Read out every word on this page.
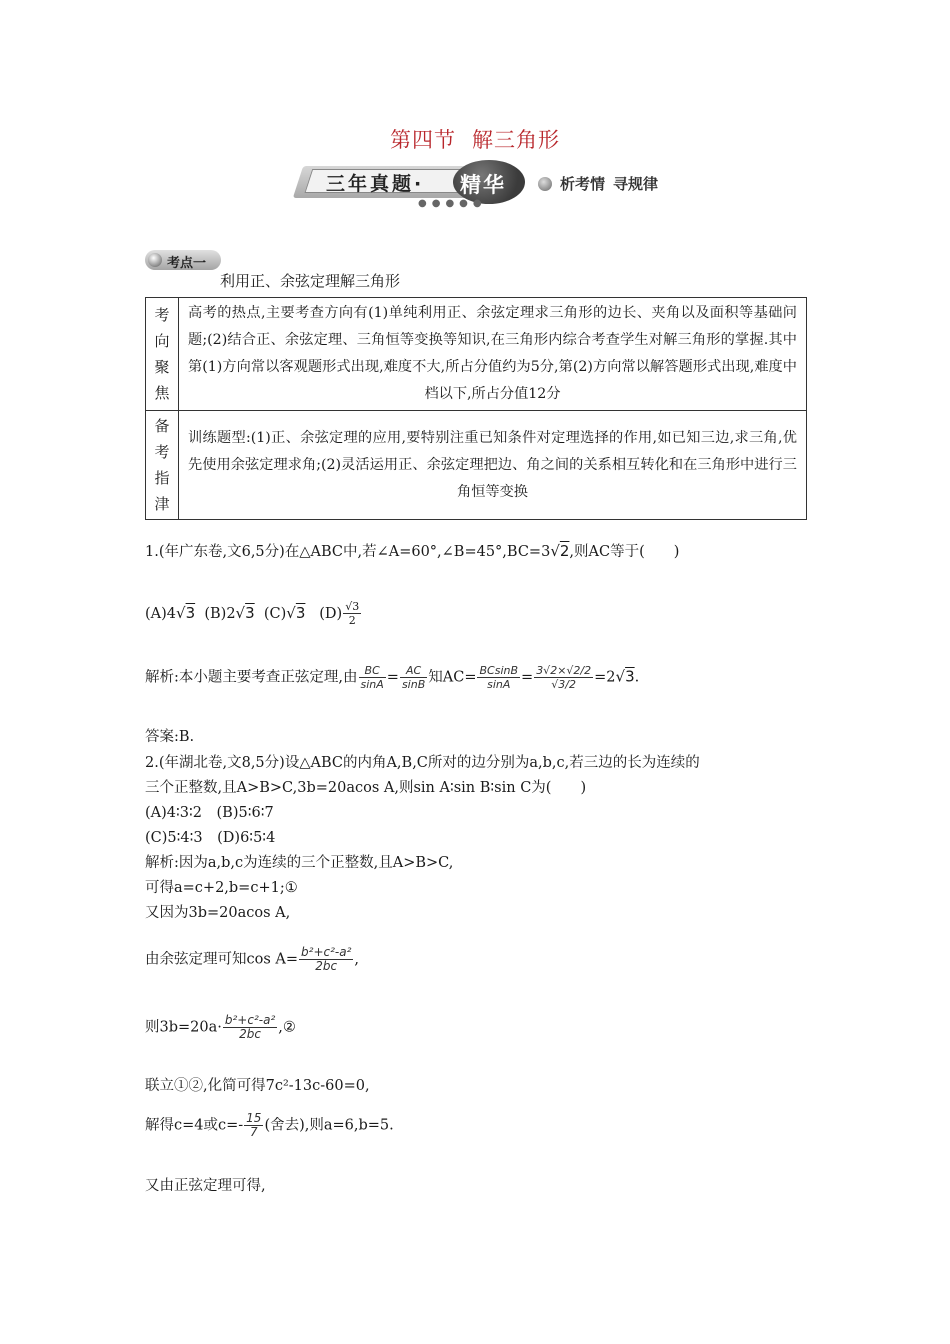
第四节 解三角形
三年真题· 精华
●●●●●
析考情 寻规律
考点一
利用正、余弦定理解三角形
考
向
聚
焦	高考的热点,主要考查方向有(1)单纯利用正、余弦定理求三角形的边长、夹角以及面积等基础问题;(2)结合正、余弦定理、三角恒等变换等知识,在三角形内综合考查学生对解三角形的掌握.其中第(1)方向常以客观题形式出现,难度不大,所占分值约为5分,第(2)方向常以解答题形式出现,难度中档以下,所占分值12分

备
考
指
津	训练题型:(1)正、余弦定理的应用,要特别注重已知条件对定理选择的作用,如已知三边,求三角,优先使用余弦定理求角;(2)灵活运用正、余弦定理把边、角之间的关系相互转化和在三角形中进行三角恒等变换
1.(年广东卷,文6,5分)在△ABC中,若∠A=60°,∠B=45°,BC=3√2,则AC等于(　　)
(A)4√3 (B)2√3 (C)√3 $(D) \frac{√3}{2}$
解析:本小题主要考查正弦定理,由 $\frac{BC}{\sin A} = \frac{AC}{\sin B}$ 知$AC= \frac{BCsinB}{\sin A} = \frac{3√2\times√2/2}{√3/2} =2√3$.
答案:B.
2.(年湖北卷,文8,5分)设△ABC的内角A,B,C所对的边分别为a,b,c,若三边的长为连续的
三个正整数,且A>B>C,3b=20acos A,则sin A∶sin B∶sin C为(　　)
(A)4∶3∶2　(B)5∶6∶7
(C)5∶4∶3　(D)6∶5∶4
解析:因为a,b,c为连续的三个正整数,且A>B>C,
可得a=c+2,b=c+1;①
又因为3b=20acos A,
由余弦定理可知$\cos A= \frac{\text{b²+c²-a²}}{2bc}$ ,
则$3b=20a\cdot \frac{\text{b²+c²-a²}}{2bc}$ ,②
联立①②,化简可得7c²-13c-60=0,
解得c=4或$c=- \frac{15}{7}$ (舍去),则a=6,b=5.
又由正弦定理可得,
